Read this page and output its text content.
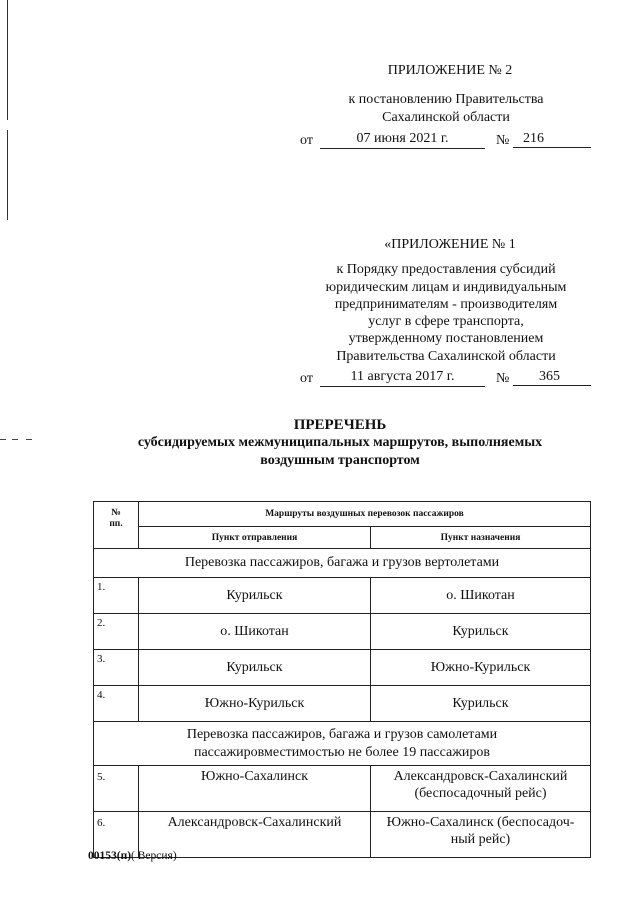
ПРИЛОЖЕНИЕ № 2
к постановлению Правительства
Сахалинской области
от	07 июня 2021 г.	№ 216
«ПРИЛОЖЕНИЕ № 1
к Порядку предоставления субсидий
юридическим лицам и индивидуальным
предпринимателям - производителям
услуг в сфере транспорта,
утвержденному постановлением
Правительства Сахалинской области
от	11 августа 2017 г.	№	365
ПРЕРЕЧЕНЬ
субсидируемых межмуниципальных маршрутов, выполняемых
воздушным транспортом
№
пп.	Маршруты воздушных перевозок пассажиров	
	Пункт отправления	Пункт назначения
Перевозка пассажиров, багажа и грузов вертолетами		
1.	Курильск	о. Шикотан
2.	о. Шикотан	Курильск
3.	Курильск	Южно-Курильск
4.	Южно-Курильск	Курильск

Перевозка пассажиров, багажа и грузов самолетами
пассажировместимостью не более 19 пассажиров		

5.	Южно-Сахалинск	Александровск-Сахалинский
(беспосадочный рейс)

6.	Александровск-Сахалинский	Южно-Сахалинск (беспосадоч-
ный рейс)
00153(п)( Версия)
